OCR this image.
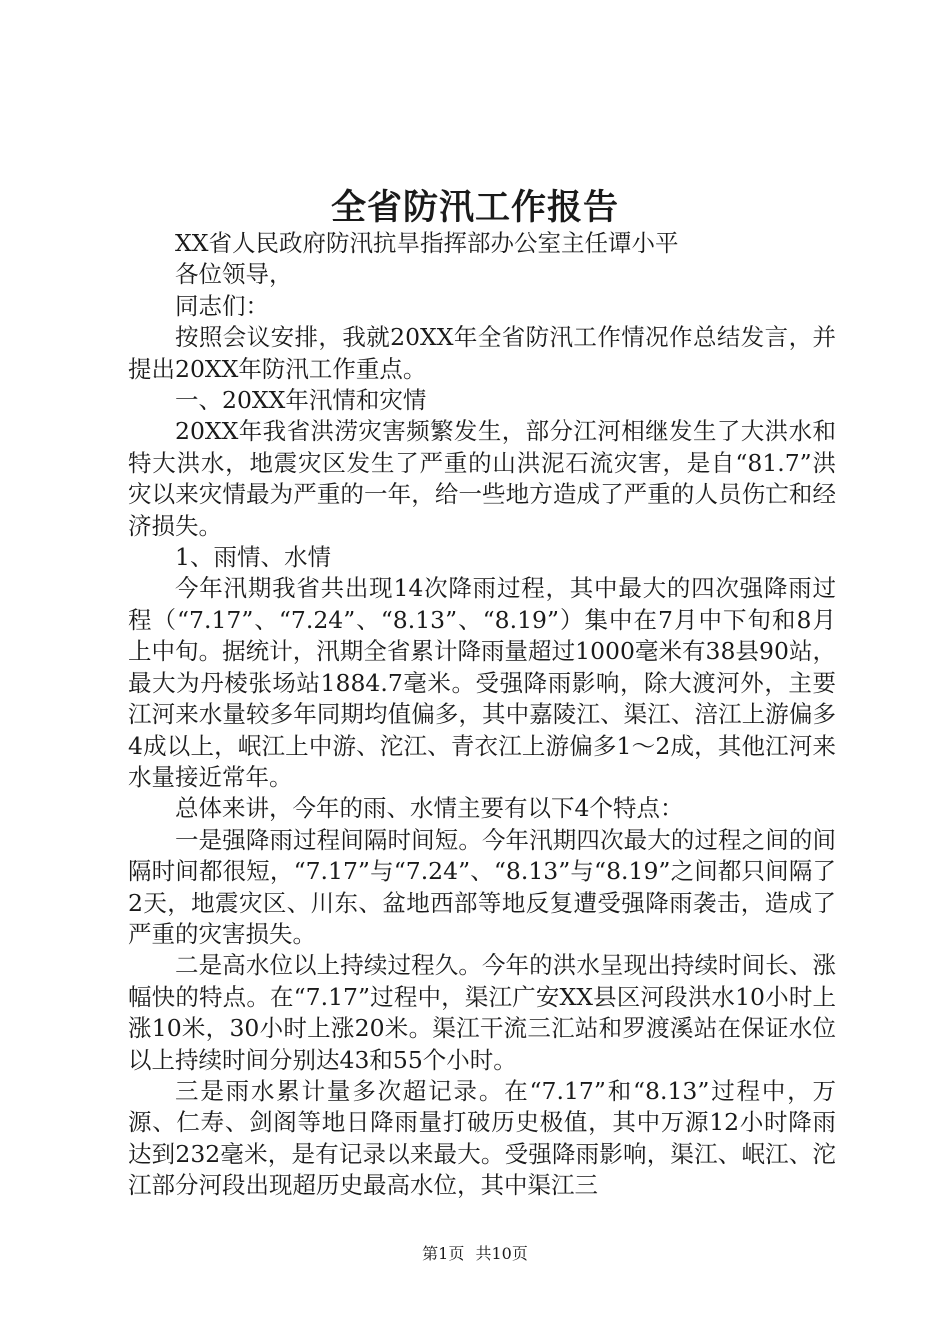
全省防汛工作报告

XX省人民政府防汛抗旱指挥部办公室主任谭小平

各位领导，

同志们：

按照会议安排，我就20XX年全省防汛工作情况作总结发言，并提出20XX年防汛工作重点。

一、20XX年汛情和灾情

20XX年我省洪涝灾害频繁发生，部分江河相继发生了大洪水和特大洪水，地震灾区发生了严重的山洪泥石流灾害，是自“81.7”洪灾以来灾情最为严重的一年，给一些地方造成了严重的人员伤亡和经济损失。

1、雨情、水情

今年汛期我省共出现14次降雨过程，其中最大的四次强降雨过程（“7.17”、“7.24”、“8.13”、“8.19”）集中在7月中下旬和8月上中旬。据统计，汛期全省累计降雨量超过1000毫米有38县90站，最大为丹棱张场站1884.7毫米。受强降雨影响，除大渡河外，主要江河来水量较多年同期均值偏多，其中嘉陵江、渠江、涪江上游偏多4成以上，岷江上中游、沱江、青衣江上游偏多1～2成，其他江河来水量接近常年。

总体来讲，今年的雨、水情主要有以下4个特点：

一是强降雨过程间隔时间短。今年汛期四次最大的过程之间的间隔时间都很短，“7.17”与“7.24”、“8.13”与“8.19”之间都只间隔了2天，地震灾区、川东、盆地西部等地反复遭受强降雨袭击，造成了严重的灾害损失。

二是高水位以上持续过程久。今年的洪水呈现出持续时间长、涨幅快的特点。在“7.17”过程中，渠江广安XX县区河段洪水10小时上涨10米，30小时上涨20米。渠江干流三汇站和罗渡溪站在保证水位以上持续时间分别达43和55个小时。

三是雨水累计量多次超记录。在“7.17”和“8.13”过程中，万源、仁寿、剑阁等地日降雨量打破历史极值，其中万源12小时降雨达到232毫米，是有记录以来最大。受强降雨影响，渠江、岷江、沱江部分河段出现超历史最高水位，其中渠江三

第1页 共10页
